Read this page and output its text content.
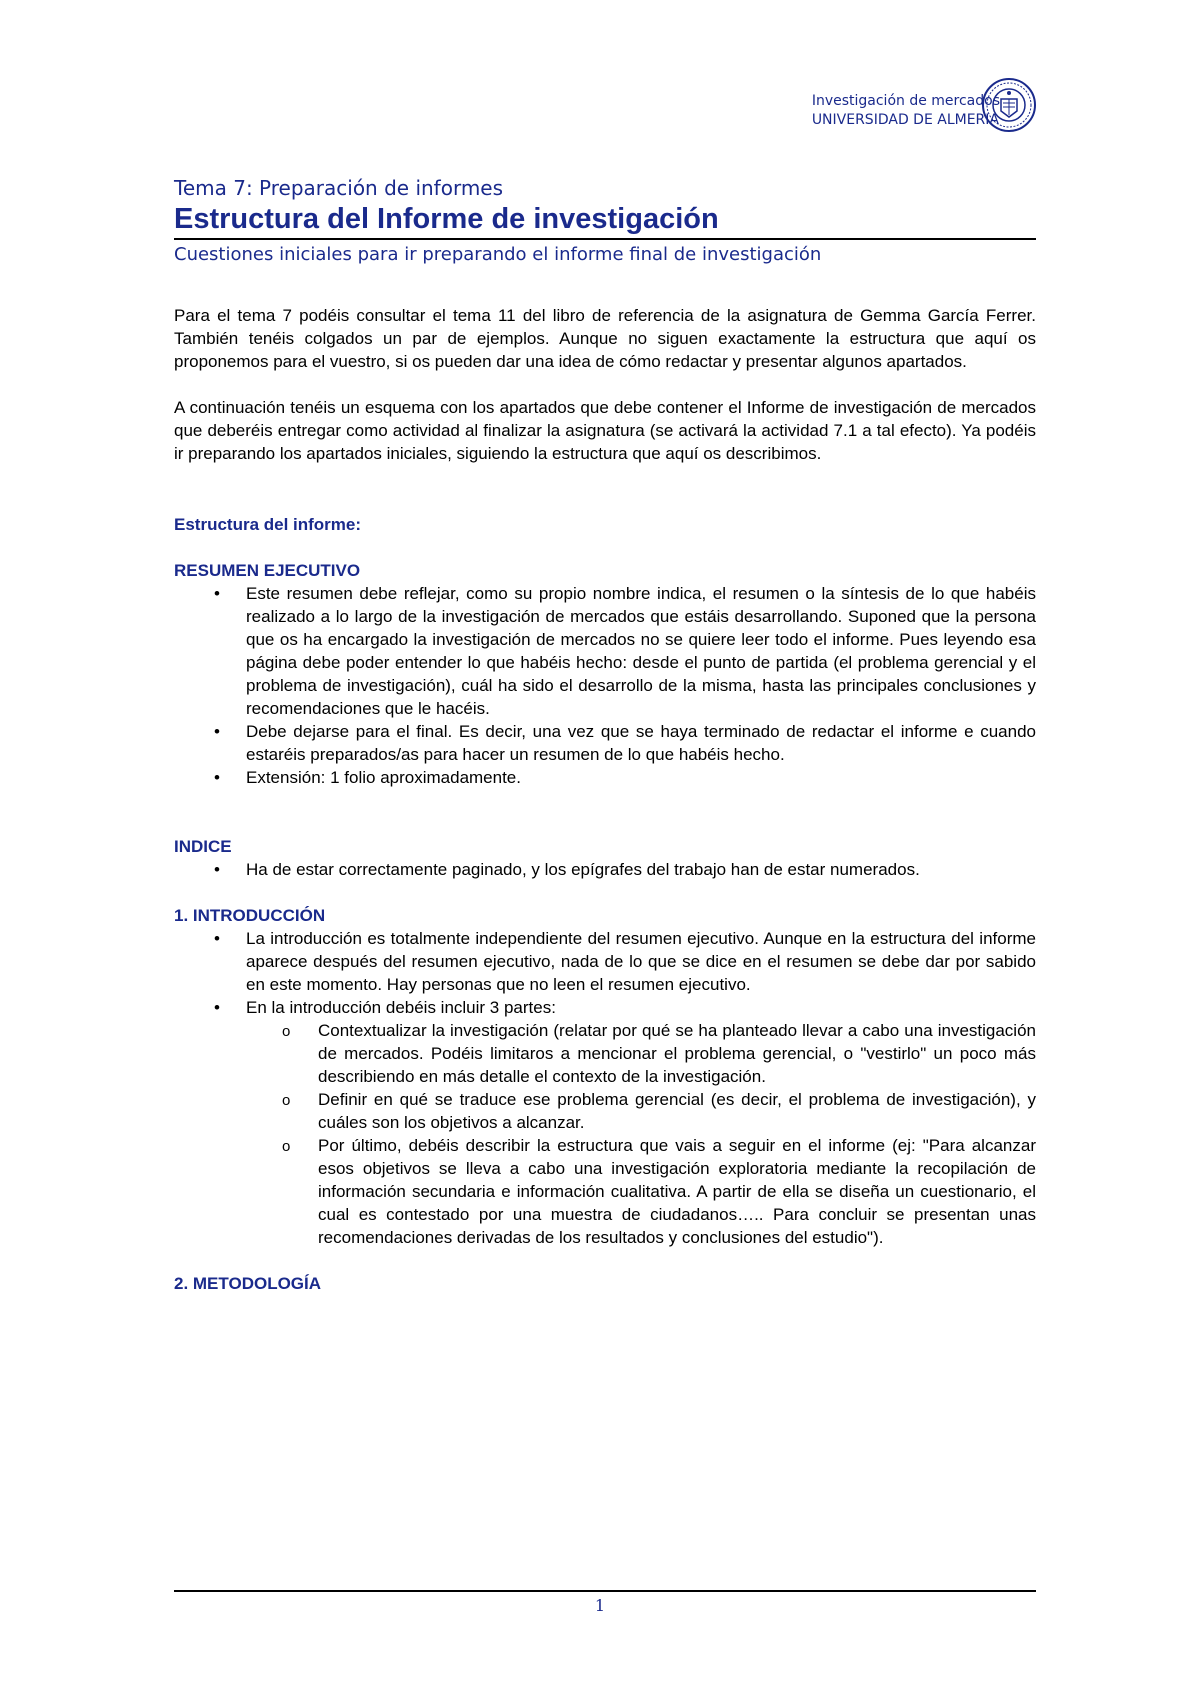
Investigación de mercados
UNIVERSIDAD DE ALMERIA
Tema 7: Preparación de informes
Estructura del Informe de investigación
Cuestiones iniciales para ir preparando el informe final de investigación

Para el tema 7 podéis consultar el tema 11 del libro de referencia de la asignatura de Gemma García Ferrer. También tenéis colgados un par de ejemplos. Aunque no siguen exactamente la estructura que aquí os proponemos para el vuestro, si os pueden dar una idea de cómo redactar y presentar algunos apartados.

A continuación tenéis un esquema con los apartados que debe contener el Informe de investigación de mercados que deberéis entregar como actividad al finalizar la asignatura (se activará la actividad 7.1 a tal efecto). Ya podéis ir preparando los apartados iniciales, siguiendo la estructura que aquí os describimos.

Estructura del informe:
RESUMEN EJECUTIVO
• Este resumen debe reflejar, como su propio nombre indica, el resumen o la síntesis de lo que habéis realizado a lo largo de la investigación de mercados que estáis desarrollando. Suponed que la persona que os ha encargado la investigación de mercados no se quiere leer todo el informe. Pues leyendo esa página debe poder entender lo que habéis hecho: desde el punto de partida (el problema gerencial y el problema de investigación), cuál ha sido el desarrollo de la misma, hasta las principales conclusiones y recomendaciones que le hacéis.
• Debe dejarse para el final. Es decir, una vez que se haya terminado de redactar el informe e cuando estaréis preparados/as para hacer un resumen de lo que habéis hecho.
• Extensión: 1 folio aproximadamente.
INDICE
• Ha de estar correctamente paginado, y los epígrafes del trabajo han de estar numerados.
1. INTRODUCCIÓN
• La introducción es totalmente independiente del resumen ejecutivo. Aunque en la estructura del informe aparece después del resumen ejecutivo, nada de lo que se dice en el resumen se debe dar por sabido en este momento. Hay personas que no leen el resumen ejecutivo.
• En la introducción debéis incluir 3 partes:
o Contextualizar la investigación (relatar por qué se ha planteado llevar a cabo una investigación de mercados. Podéis limitaros a mencionar el problema gerencial, o "vestirlo" un poco más describiendo en más detalle el contexto de la investigación.
o Definir en qué se traduce ese problema gerencial (es decir, el problema de investigación), y cuáles son los objetivos a alcanzar.
o Por último, debéis describir la estructura que vais a seguir en el informe (ej: "Para alcanzar esos objetivos se lleva a cabo una investigación exploratoria mediante la recopilación de información secundaria e información cualitativa. A partir de ella se diseña un cuestionario, el cual es contestado por una muestra de ciudadanos….. Para concluir se presentan unas recomendaciones derivadas de los resultados y conclusiones del estudio").
2. METODOLOGÍA
1
